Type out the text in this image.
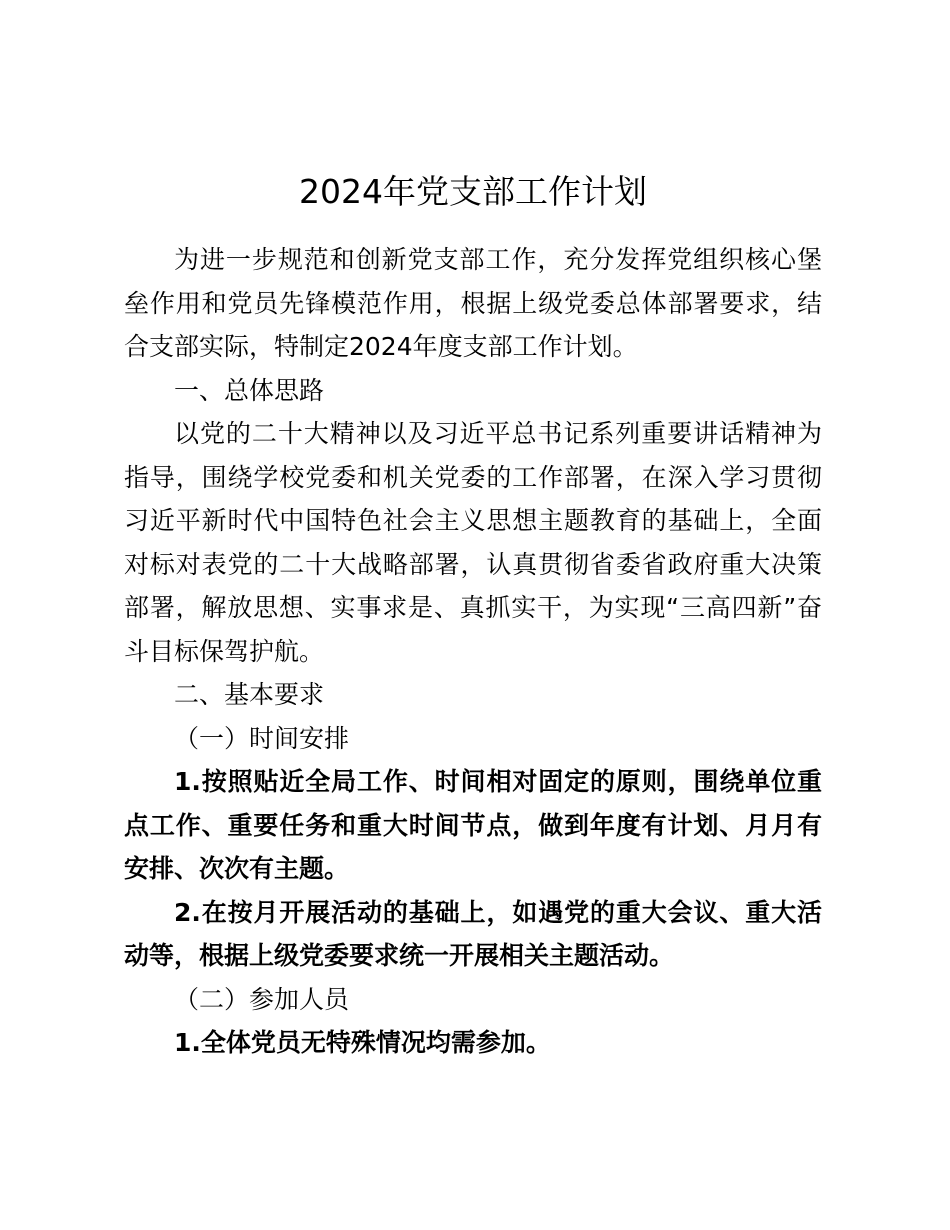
2024年党支部工作计划

为进一步规范和创新党支部工作，充分发挥党组织核心堡垒作用和党员先锋模范作用，根据上级党委总体部署要求，结合支部实际，特制定2024年度支部工作计划。

一、总体思路

以党的二十大精神以及习近平总书记系列重要讲话精神为指导，围绕学校党委和机关党委的工作部署，在深入学习贯彻习近平新时代中国特色社会主义思想主题教育的基础上，全面对标对表党的二十大战略部署，认真贯彻省委省政府重大决策部署，解放思想、实事求是、真抓实干，为实现“三高四新”奋斗目标保驾护航。

二、基本要求

（一）时间安排

1.按照贴近全局工作、时间相对固定的原则，围绕单位重点工作、重要任务和重大时间节点，做到年度有计划、月月有安排、次次有主题。

2.在按月开展活动的基础上，如遇党的重大会议、重大活动等，根据上级党委要求统一开展相关主题活动。

（二）参加人员

1.全体党员无特殊情况均需参加。
